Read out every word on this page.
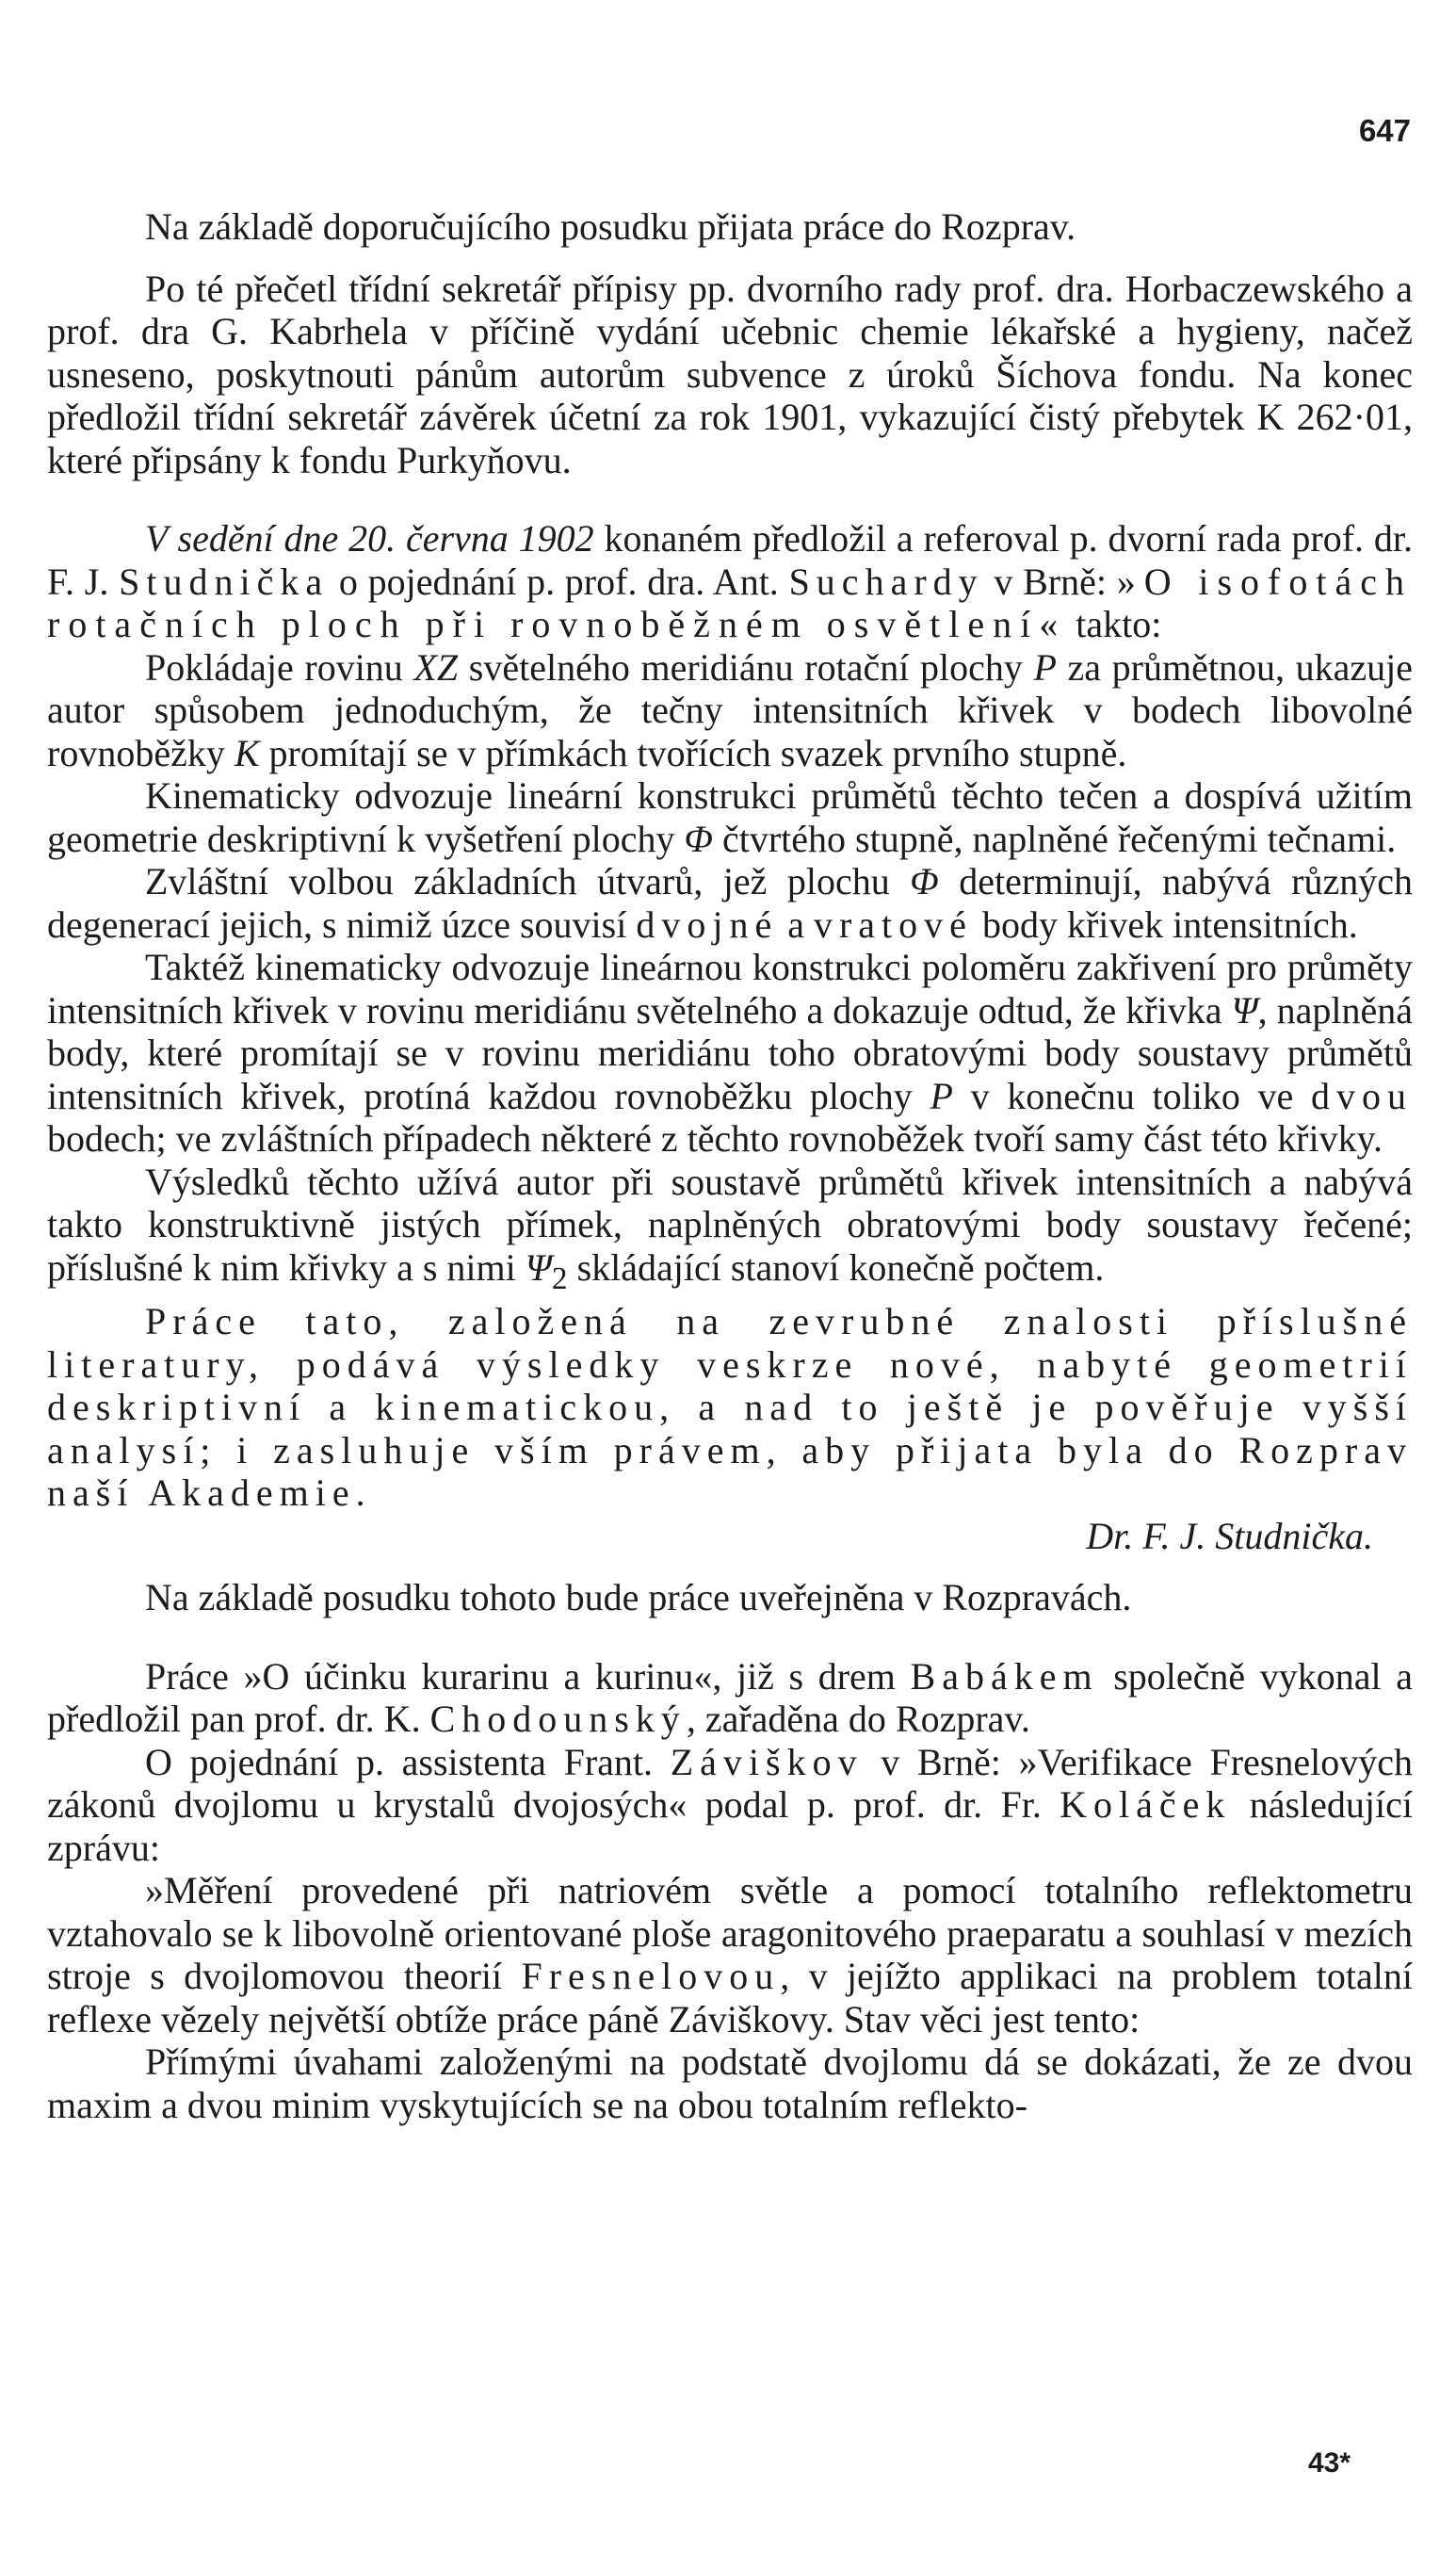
647

Na základě doporučujícího posudku přijata práce do Rozprav.

Po té přečetl třídní sekretář přípisy pp. dvorního rady prof. dra. Horbaczewského a prof. dra G. Kabrhela v příčině vydání učebnic chemie lékařské a hygieny, načež usneseno, poskytnouti pánům autorům subvence z úroků Šíchova fondu. Na konec předložil třídní sekretář závěrek účetní za rok 1901, vykazující čistý přebytek K 262·01, které připsány k fondu Purkyňovu.

V sedění dne 20. června 1902 konaném předložil a referoval p. dvorní rada prof. dr. F. J. Studnička o pojednání p. prof. dra. Ant. Suchardy v Brně: »O isofotách rotačních ploch při rovnoběžném osvětlení« takto:

Pokládaje rovinu XZ světelného meridiánu rotační plochy P za průmětnou, ukazuje autor spůsobem jednoduchým, že tečny intensitních křivek v bodech libovolné rovnoběžky K promítají se v přímkách tvořících svazek prvního stupně.

Kinematicky odvozuje lineární konstrukci průmětů těchto tečen a dospívá užitím geometrie deskriptivní k vyšetření plochy Φ čtvrtého stupně, naplněné řečenými tečnami.

Zvláštní volbou základních útvarů, jež plochu Φ determinují, nabývá různých degenerací jejich, s nimiž úzce souvisí dvojné a vratové body křivek intensitních.

Taktéž kinematicky odvozuje lineárnou konstrukci poloměru zakřivení pro průměty intensitních křivek v rovinu meridiánu světelného a dokazuje odtud, že křivka Ψ, naplněná body, které promítají se v rovinu meridiánu toho obratovými body soustavy průmětů intensitních křivek, protíná každou rovnoběžku plochy P v konečnu toliko ve dvou bodech; ve zvláštních případech některé z těchto rovnoběžek tvoří samy část této křivky.

Výsledků těchto užívá autor při soustavě průmětů křivek intensitních a nabývá takto konstruktivně jistých přímek, naplněných obratovými body soustavy řečené; příslušné k nim křivky a s nimi $\Psi_2$ skládající stanoví konečně počtem.

Práce tato, založená na zevrubné znalosti příslušné literatury, podává výsledky veskrze nové, nabyté geometrií deskriptivní a kinematickou, a nad to ještě je pověřuje vyšší analysí; i zasluhuje vším právem, aby přijata byla do Rozprav naší Akademie.

Dr. F. J. Studnička.

Na základě posudku tohoto bude práce uveřejněna v Rozpravách.

Práce »O účinku kurarinu a kurinu«, již s drem Babákem společně vykonal a předložil pan prof. dr. K. Chodounský, zařaděna do Rozprav.

O pojednání p. assistenta Frant. Záviškov v Brně: »Verifikace Fresnelových zákonů dvojlomu u krystalů dvojosých« podal p. prof. dr. Fr. Koláček následující zprávu:

»Měření provedené při natriovém světle a pomocí totalního reflektometru vztahovalo se k libovolně orientované ploše aragonitového praeparatu a souhlasí v mezích stroje s dvojlomovou theorií Fresnelovou, v jejížto applikaci na problem totalní reflexe vězely největší obtíže práce páně Záviškovy. Stav věci jest tento:

Přímými úvahami založenými na podstatě dvojlomu dá se dokázati, že ze dvou maxim a dvou minim vyskytujících se na obou totalním reflekto-

43*
